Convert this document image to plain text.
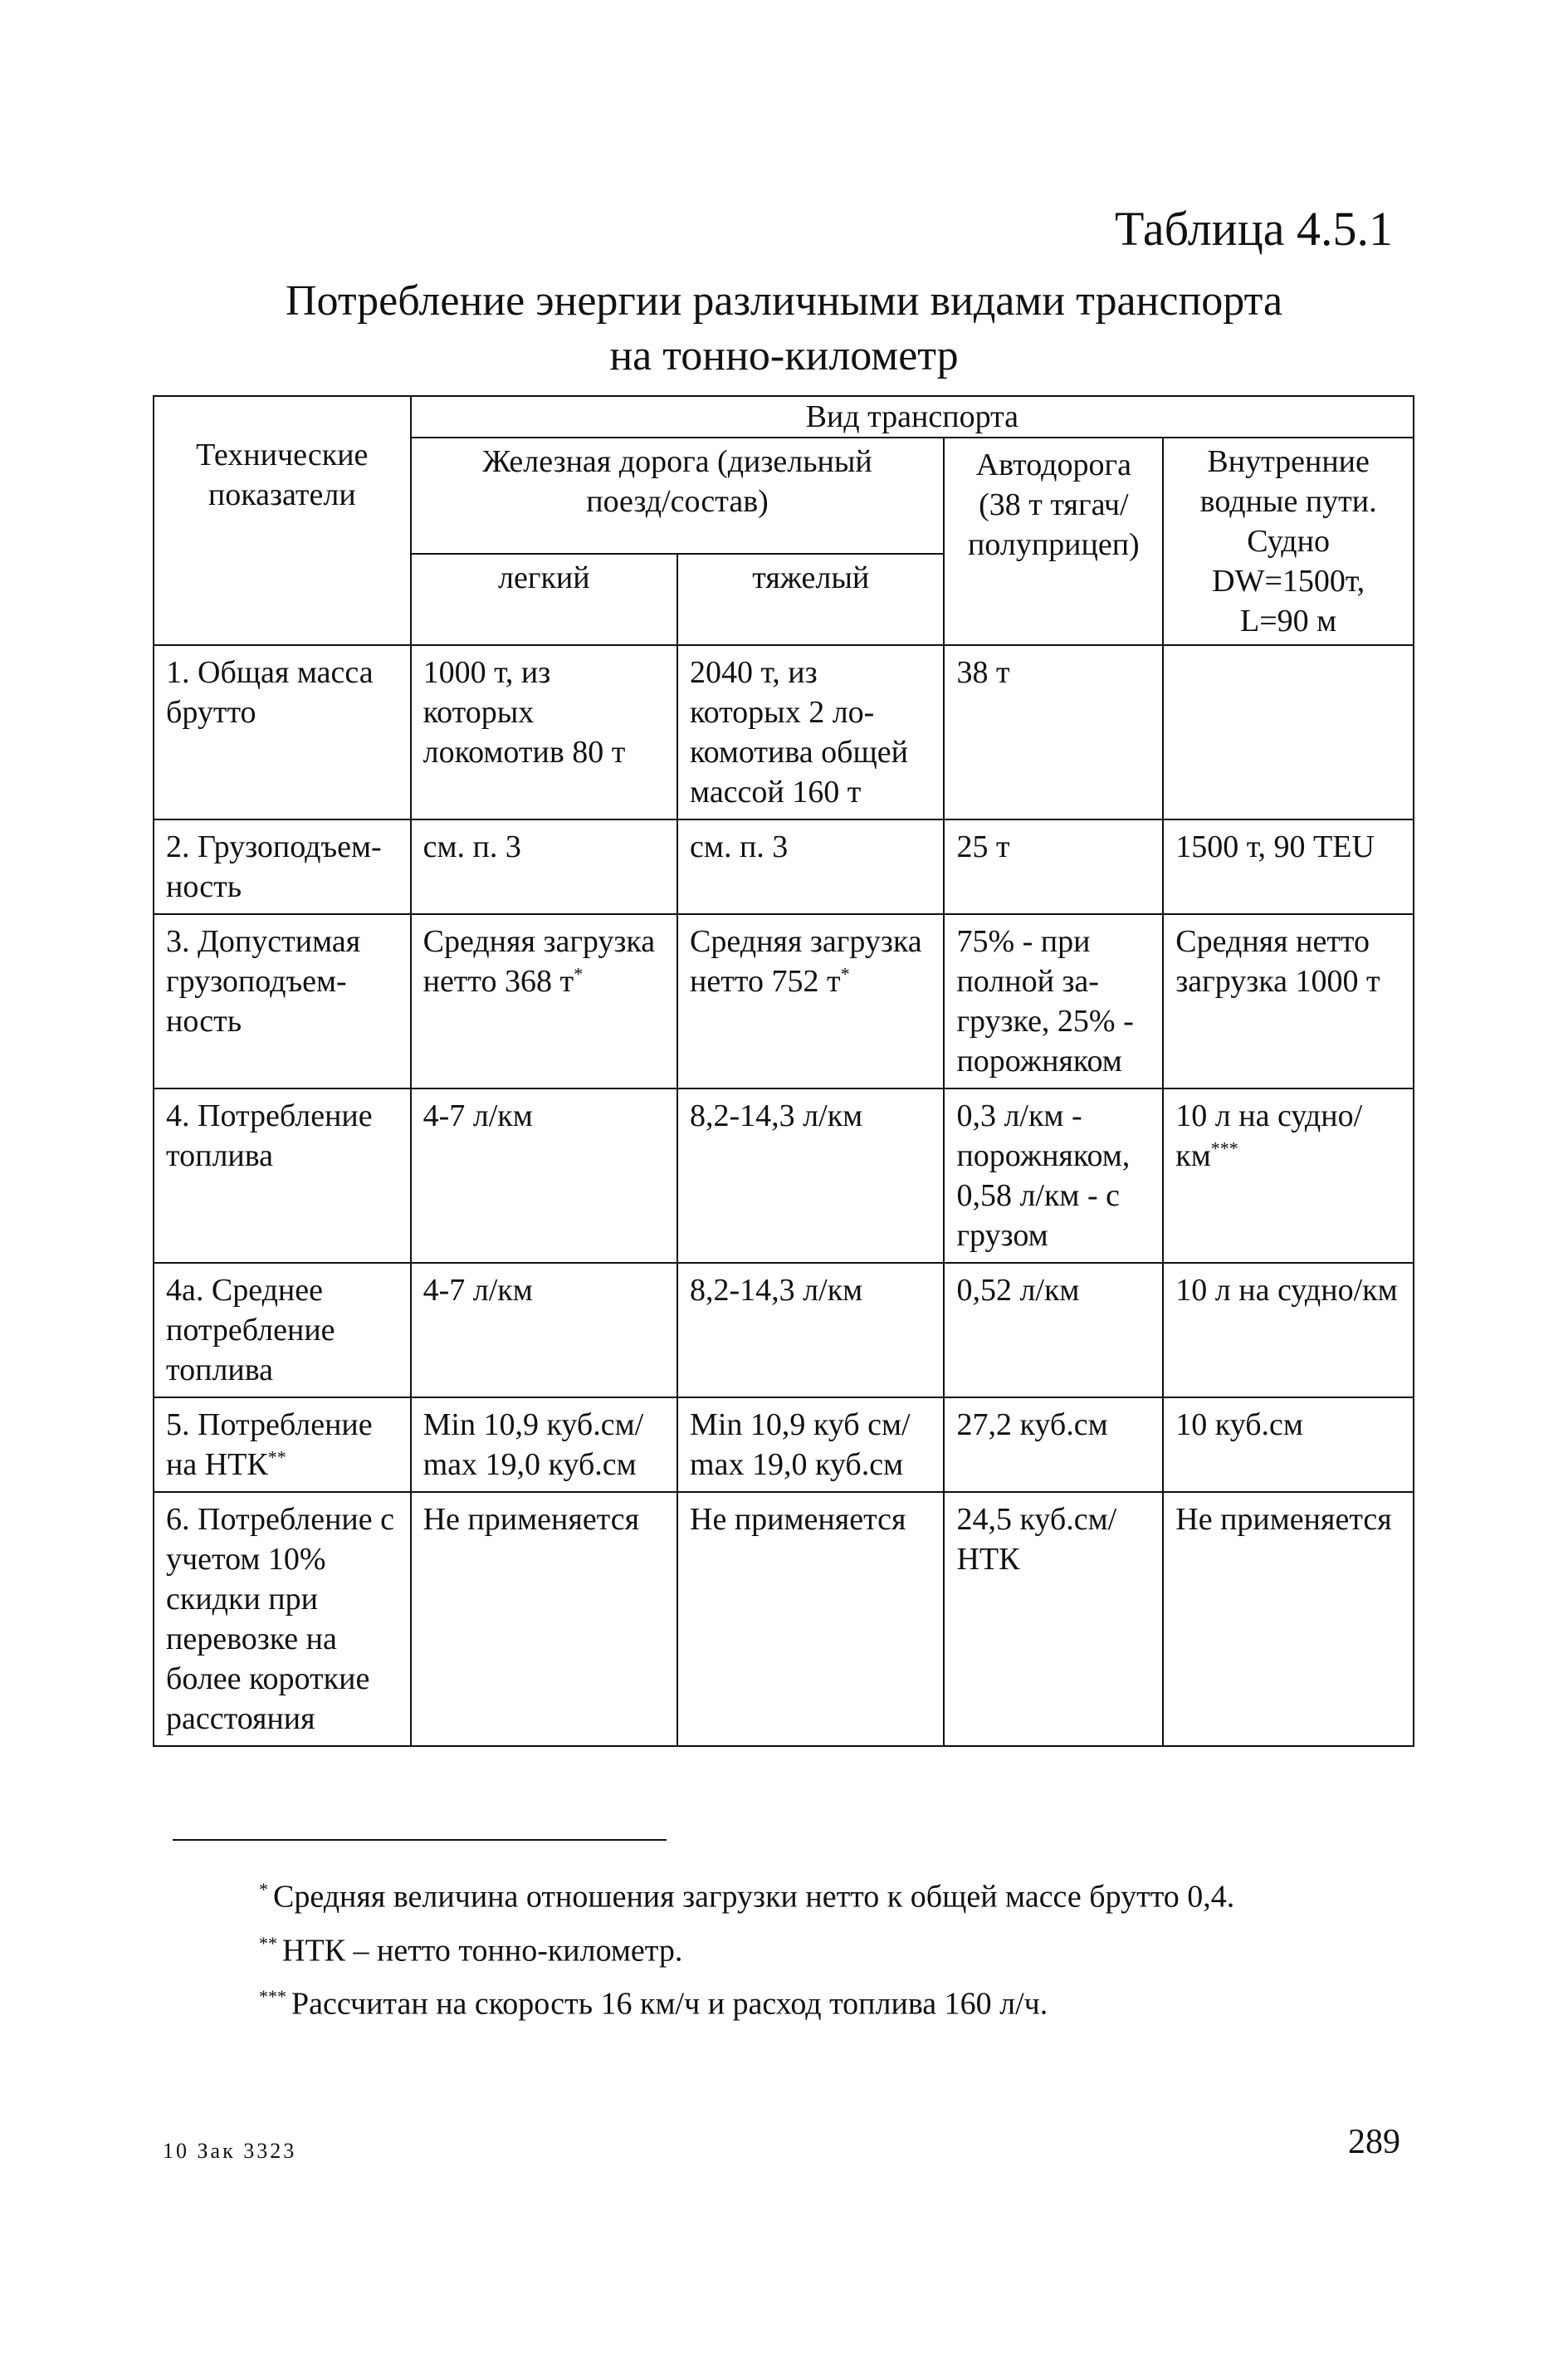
Таблица 4.5.1
Потребление энергии различными видами транспорта
на тонно-километр
Технические показатели	Вид транспорта			
	Железная дорога (дизельный поезд/состав)		Автодорога (38 т тягач/ полуприцеп)	Внутренние водные пути. Судно DW=1500т, L=90 м
	легкий	тяжелый		
1. Общая масса брутто	1000 т, из которых локомотив 80 т	2040 т, из которых 2 ло-комотива общей массой 160 т	38 т	
2. Грузоподъем-ность	см. п. 3	см. п. 3	25 т	1500 т, 90 TEU
3. Допустимая грузоподъем-ность	Средняя загрузка нетто 368 т*	Средняя загрузка нетто 752 т*	75% - при полной за-грузке, 25% - порожняком	Средняя нетто загрузка 1000 т
4. Потребление топлива	4-7 л/км	8,2-14,3 л/км	0,3 л/км - порожняком, 0,58 л/км - с грузом	10 л на судно/км***
4а. Среднее потребление топлива	4-7 л/км	8,2-14,3 л/км	0,52 л/км	10 л на судно/км
5. Потребление на НТК**	Min 10,9 куб.см/ max 19,0 куб.см	Min 10,9 куб см/ max 19,0 куб.см	27,2 куб.см	10 куб.см
6. Потребление с учетом 10% скидки при перевозке на более короткие расстояния	Не применяется	Не применяется	24,5 куб.см/ НТК	Не применяется
* Средняя величина отношения загрузки нетто к общей массе брутто 0,4.
** НТК – нетто тонно-километр.
*** Рассчитан на скорость 16 км/ч и расход топлива 160 л/ч.
10 Зак 3323	289
